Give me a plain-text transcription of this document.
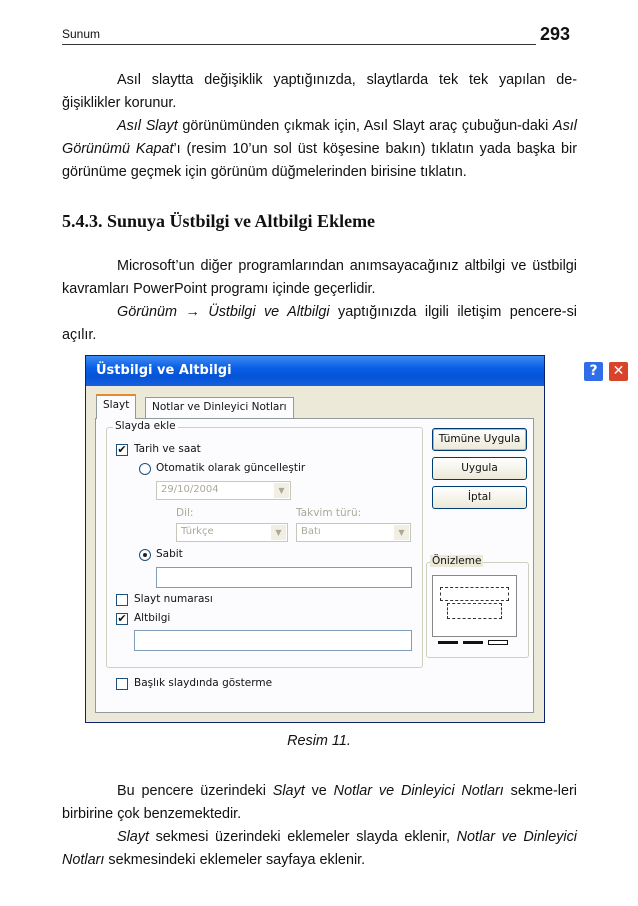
Sunum	293

Asıl slaytta değişiklik yaptığınızda, slaytlarda tek tek yapılan de-ğişiklikler korunur.

Asıl Slayt görünümünden çıkmak için, Asıl Slayt araç çubuğun-daki Asıl Görünümü Kapat’ı (resim 10’un sol üst köşesine bakın) tıklatın yada başka bir görünüme geçmek için görünüm düğmelerinden birisine tıklatın.

5.4.3. Sunuya Üstbilgi ve Altbilgi Ekleme

Microsoft’un diğer programlarından anımsayacağınız altbilgi ve üstbilgi kavramları PowerPoint programı içinde geçerlidir.

Görünüm → Üstbilgi ve Altbilgi yaptığınızda ilgili iletişim pencere-si açılır.

Üstbilgi ve Altbilgi	?	✕
Slayt	Notlar ve Dinleyici Notları
Slayda ekle
✔ Tarih ve saat
Otomatik olarak güncelleştir
29/10/2004	▼
Dil:	Takvim türü:
Türkçe	▼	Batı	▼
Sabit
Slayt numarası
✔ Altbilgi
Başlık slaydında gösterme
Tümüne Uygula
Uygula
İptal
Önizleme
Resim 11.

Bu pencere üzerindeki Slayt ve Notlar ve Dinleyici Notları sekme-leri birbirine çok benzemektedir.

Slayt sekmesi üzerindeki eklemeler slayda eklenir, Notlar ve Dinleyici Notları sekmesindeki eklemeler sayfaya eklenir.
